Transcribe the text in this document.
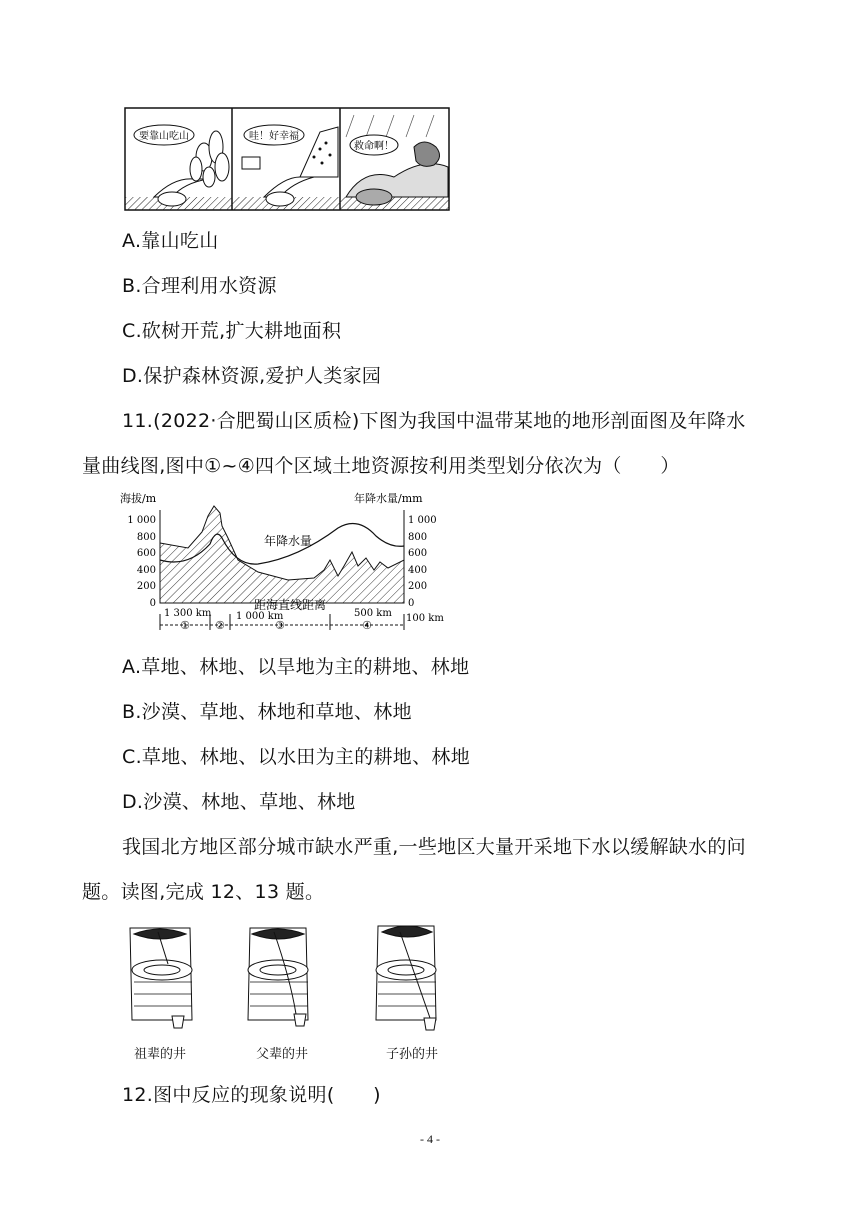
要靠山吃山	哇！好幸福
救命啊！
A.靠山吃山
B.合理利用水资源
C.砍树开荒,扩大耕地面积
D.保护森林资源,爱护人类家园
11.(2022·合肥蜀山区质检)下图为我国中温带某地的地形剖面图及年降水
量曲线图,图中①~④四个区域土地资源按利用类型划分依次为（　　）
海拔/m	年降水量/mm
1 000
800
600
400
200
0
1 000
800
600
400
200
0
年降水量
距海直线距离
1 300 km 1 000 km	500 km 100 km
① ②	③	④
A.草地、林地、以旱地为主的耕地、林地
B.沙漠、草地、林地和草地、林地
C.草地、林地、以水田为主的耕地、林地
D.沙漠、林地、草地、林地
我国北方地区部分城市缺水严重,一些地区大量开采地下水以缓解缺水的问
题。读图,完成 12、13 题。
祖辈的井	父辈的井	子孙的井
12.图中反应的现象说明(　　)
- 4 -
